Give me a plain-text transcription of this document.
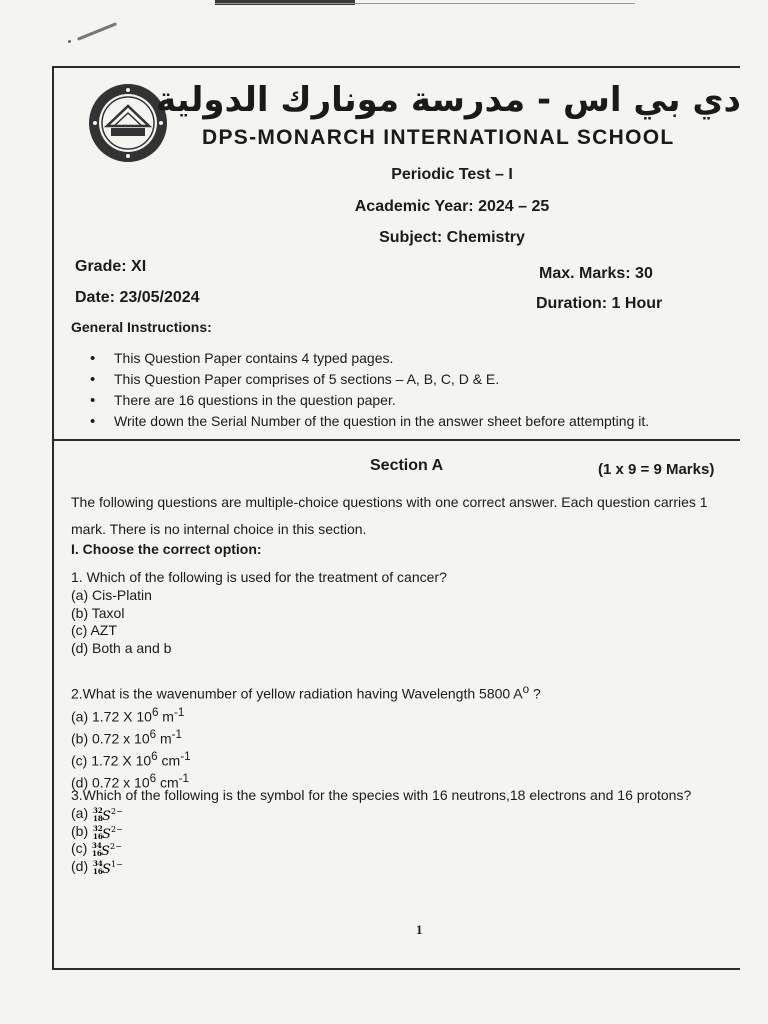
دي بي اس - مدرسة مونارك الدولية
DPS-MONARCH INTERNATIONAL SCHOOL
Periodic Test – I
Academic Year: 2024 – 25
Subject: Chemistry
Grade: XI
Date: 23/05/2024
Max. Marks: 30
Duration: 1 Hour
General Instructions:
• This Question Paper contains 4 typed pages.
• This Question Paper comprises of 5 sections – A, B, C, D & E.
• There are 16 questions in the question paper.
• Write down the Serial Number of the question in the answer sheet before attempting it.
Section A	(1 x 9 = 9 Marks)
The following questions are multiple-choice questions with one correct answer. Each question carries 1 mark. There is no internal choice in this section.
I. Choose the correct option:
1. Which of the following is used for the treatment of cancer?
(a) Cis-Platin
(b) Taxol
(c) AZT
(d) Both a and b
2.What is the wavenumber of yellow radiation having Wavelength 5800 $A^o$ ?
(a) 1.72 X $10^6$ $m^{-1}$
(b) 0.72 x $10^6$ $m^{-1}$
(c) 1.72 X $10^6$ $cm^{-1}$
(d) 0.72 x $10^6$ $cm^{-1}$
3.Which of the following is the symbol for the species with 16 neutrons,18 electrons and 16 protons?
(a) 32
18 S 2−
(b) 32
16 S 2−
(c) 34
16 S 2−
(d) 34
16 S 1−
1
